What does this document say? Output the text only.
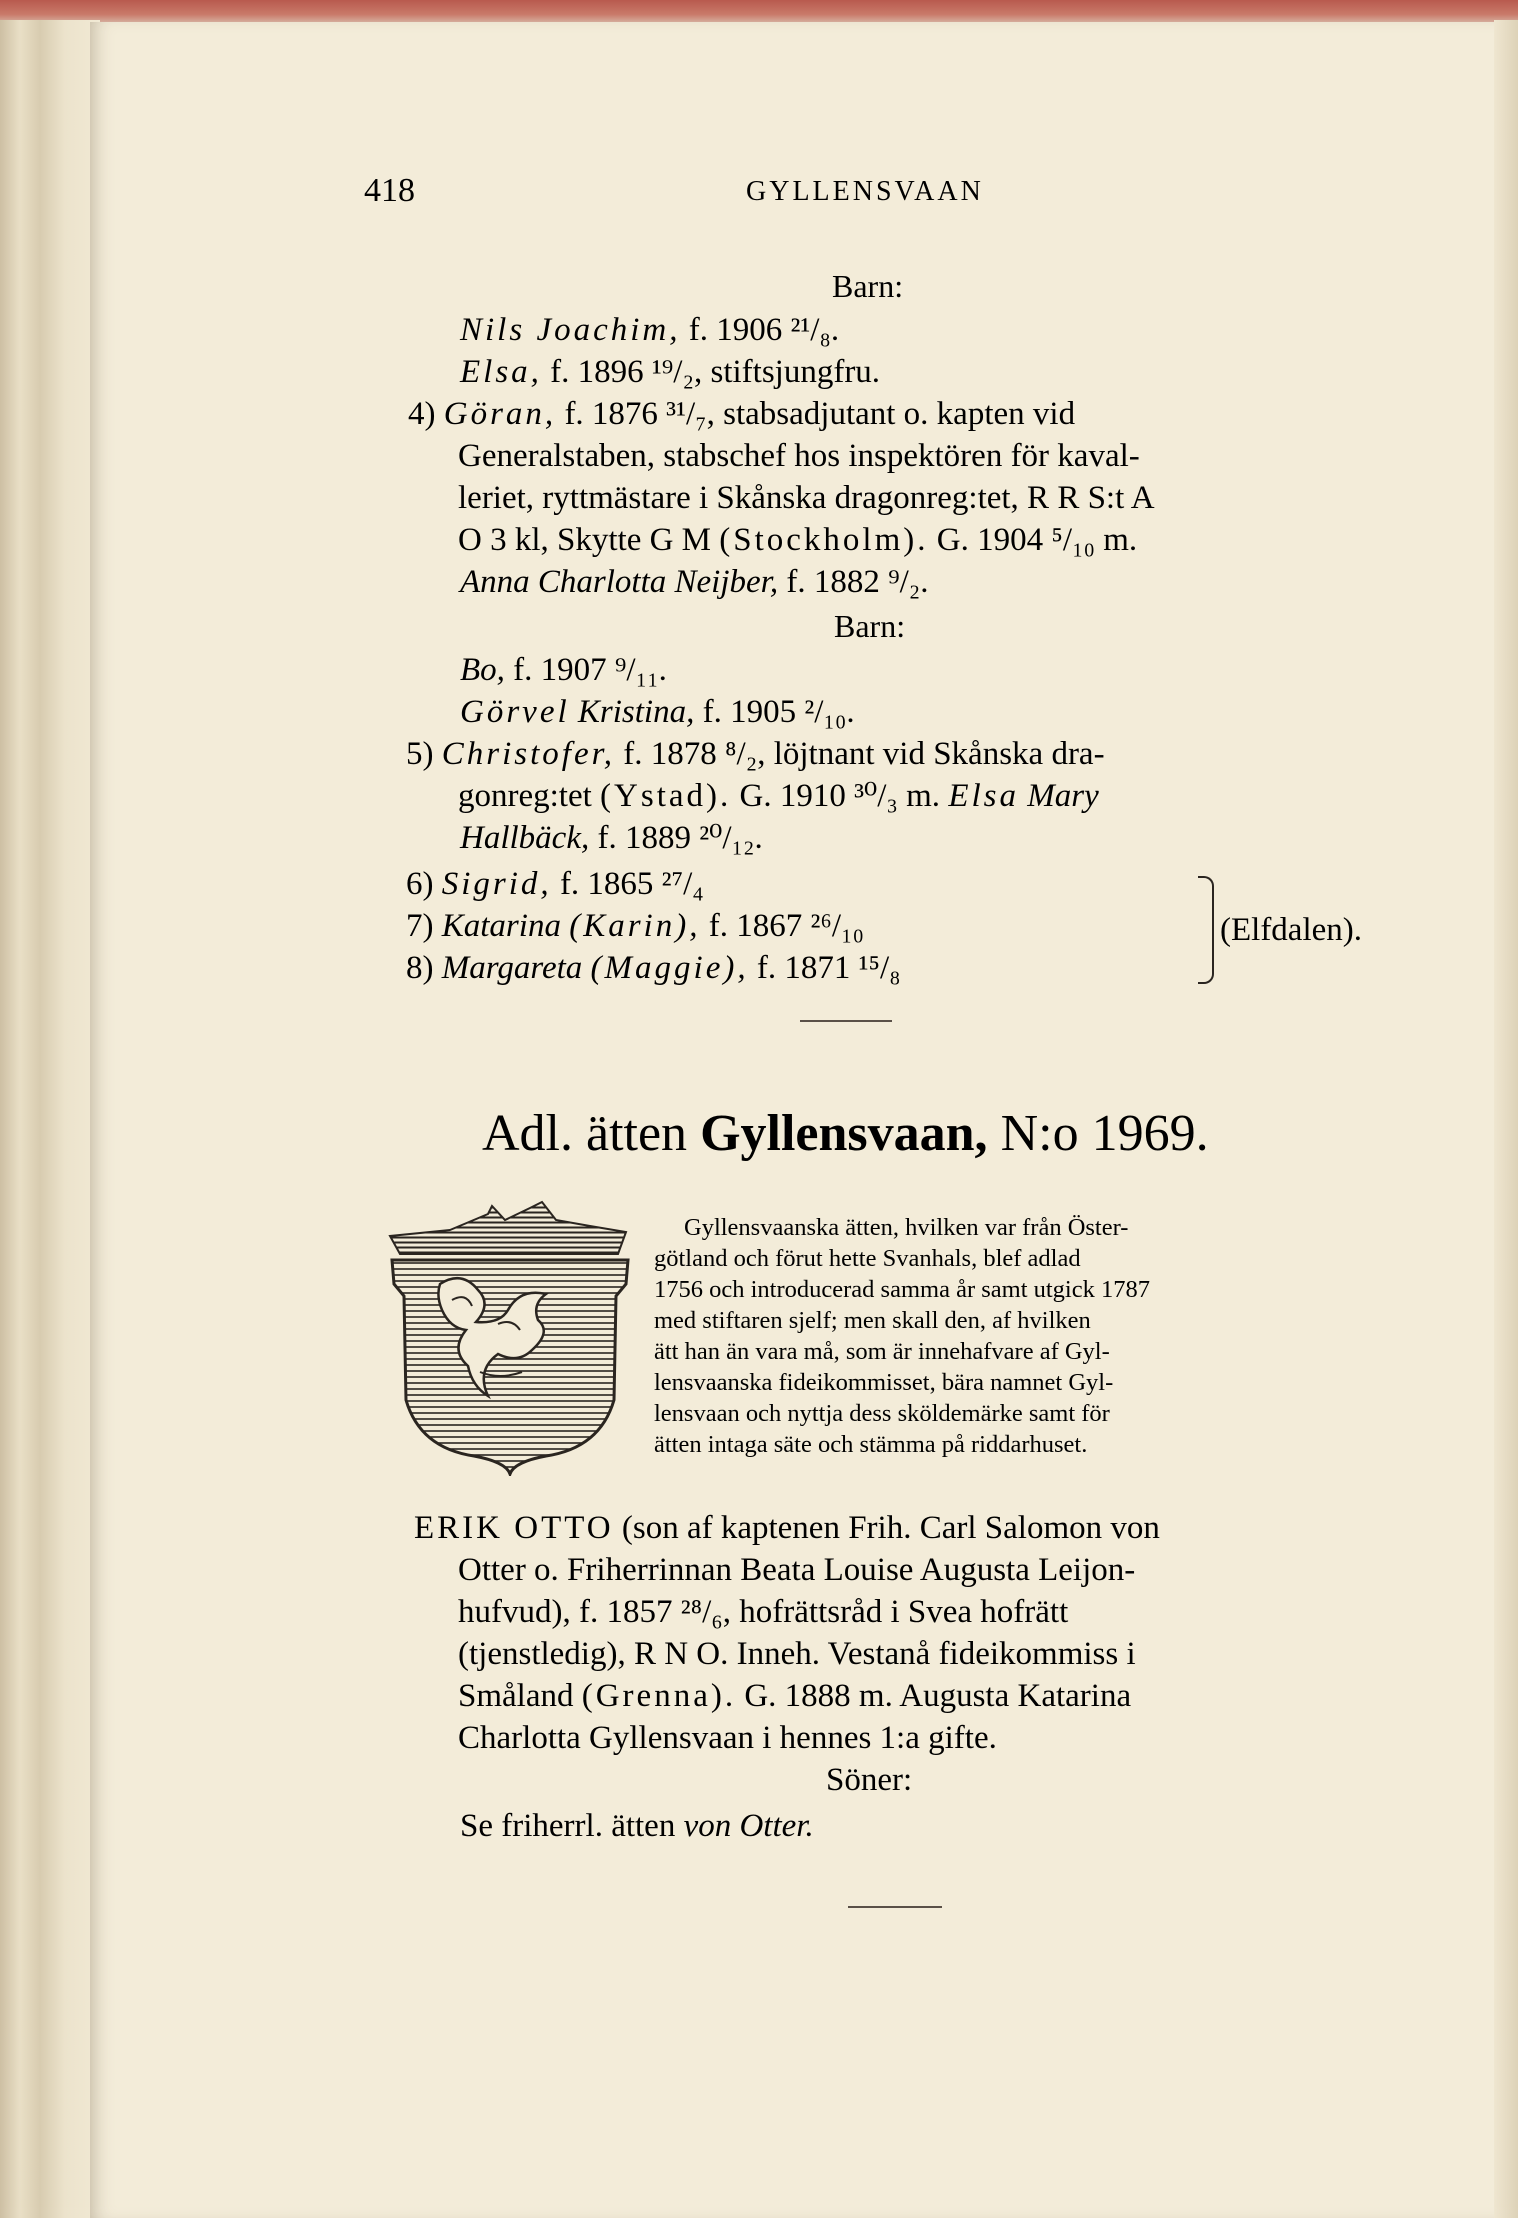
418	GYLLENSVAAN
Barn:
Nils Joachim, f. 1906 ²¹/₈.
Elsa, f. 1896 ¹⁹/₂, stiftsjungfru.
4) Göran, f. 1876 ³¹/₇, stabsadjutant o. kapten vid
Generalstaben, stabschef hos inspektören för kaval-
leriet, ryttmästare i Skånska dragonreg:tet, R R S:t A
O 3 kl, Skytte G M (Stockholm). G. 1904 ⁵/₁₀ m.
Anna Charlotta Neijber, f. 1882 ⁹/₂.
Barn:
Bo, f. 1907 ⁹/₁₁.
Görvel Kristina, f. 1905 ²/₁₀.
5) Christofer, f. 1878 ⁸/₂, löjtnant vid Skånska dra-
gonreg:tet (Ystad). G. 1910 ³⁰/₃ m. Elsa Mary
Hallbäck, f. 1889 ²⁰/₁₂.
6) Sigrid, f. 1865 ²⁷/₄
7) Katarina (Karin), f. 1867 ²⁶/₁₀
8) Margareta (Maggie), f. 1871 ¹⁵/₈
(Elfdalen).
Adl. ätten Gyllensvaan, N:o 1969.
Gyllensvaanska ätten, hvilken var från Öster-
götland och förut hette Svanhals, blef adlad
1756 och introducerad samma år samt utgick 1787
med stiftaren sjelf; men skall den, af hvilken
ätt han än vara må, som är innehafvare af Gyl-
lensvaanska fideikommisset, bära namnet Gyl-
lensvaan och nyttja dess sköldemärke samt för
ätten intaga säte och stämma på riddarhuset.
ERIK OTTO (son af kaptenen Frih. Carl Salomon von
Otter o. Friherrinnan Beata Louise Augusta Leijon-
hufvud), f. 1857 ²⁸/₆, hofrättsråd i Svea hofrätt
(tjenstledig), R N O. Inneh. Vestanå fideikommiss i
Småland (Grenna). G. 1888 m. Augusta Katarina
Charlotta Gyllensvaan i hennes 1:a gifte.
Söner:
Se friherrl. ätten von Otter.
